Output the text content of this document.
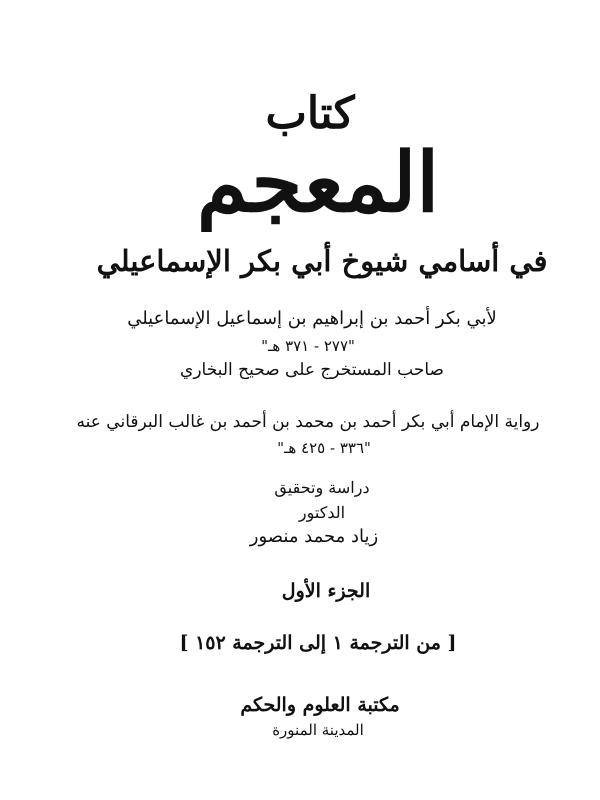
كتاب
المعجم
في أسامي شيوخ أبي بكر الإسماعيلي
لأبي بكر أحمد بن إبراهيم بن إسماعيل الإسماعيلي
"٢٧٧ - ٣٧١ هـ"
صاحب المستخرج على صحيح البخاري
رواية الإمام أبي بكر أحمد بن محمد بن أحمد بن غالب البرقاني عنه
"٣٣٦ - ٤٢٥ هـ"
دراسة وتحقيق
الدكتور
زياد محمد منصور
الجزء الأول
[ من الترجمة ١ إلى الترجمة ١٥٢ ]
مكتبة العلوم والحكم
المدينة المنورة
